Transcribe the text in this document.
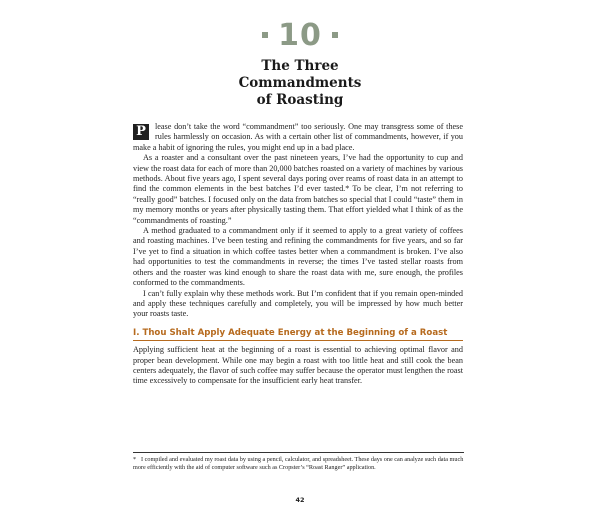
10
The Three
Commandments
of Roasting

P	lease don’t take the word “commandment” too seriously. One may transgress some of these rules harmlessly on occasion. As with a certain other list of commandments, however, if you make a habit of ignoring the rules, you might end up in a bad place.

As a roaster and a consultant over the past nineteen years, I’ve had the opportunity to cup and view the roast data for each of more than 20,000 batches roasted on a variety of machines by various methods. About five years ago, I spent several days poring over reams of roast data in an attempt to find the common elements in the best batches I’d ever tasted.* To be clear, I’m not referring to “really good” batches. I focused only on the data from batches so special that I could “taste” them in my memory months or years after physically tasting them. That effort yielded what I think of as the “commandments of roasting.”

A method graduated to a commandment only if it seemed to apply to a great variety of coffees and roasting machines. I’ve been testing and refining the commandments for five years, and so far I’ve yet to find a situation in which coffee tastes better when a commandment is broken. I’ve also had opportunities to test the commandments in reverse; the times I’ve tasted stellar roasts from others and the roaster was kind enough to share the roast data with me, sure enough, the profiles conformed to the commandments.

I can’t fully explain why these methods work. But I’m confident that if you remain open-minded and apply these techniques carefully and completely, you will be impressed by how much better your roasts taste.

I. Thou Shalt Apply Adequate Energy at the Beginning of a Roast

Applying sufficient heat at the beginning of a roast is essential to achieving optimal flavor and proper bean development. While one may begin a roast with too little heat and still cook the bean centers adequately, the flavor of such coffee may suffer because the operator must lengthen the roast time excessively to compensate for the insufficient early heat transfer.

* I compiled and evaluated my roast data by using a pencil, calculator, and spreadsheet. These days one can analyze such data much more efficiently with the aid of computer software such as Cropster’s “Roast Ranger” application.
42
